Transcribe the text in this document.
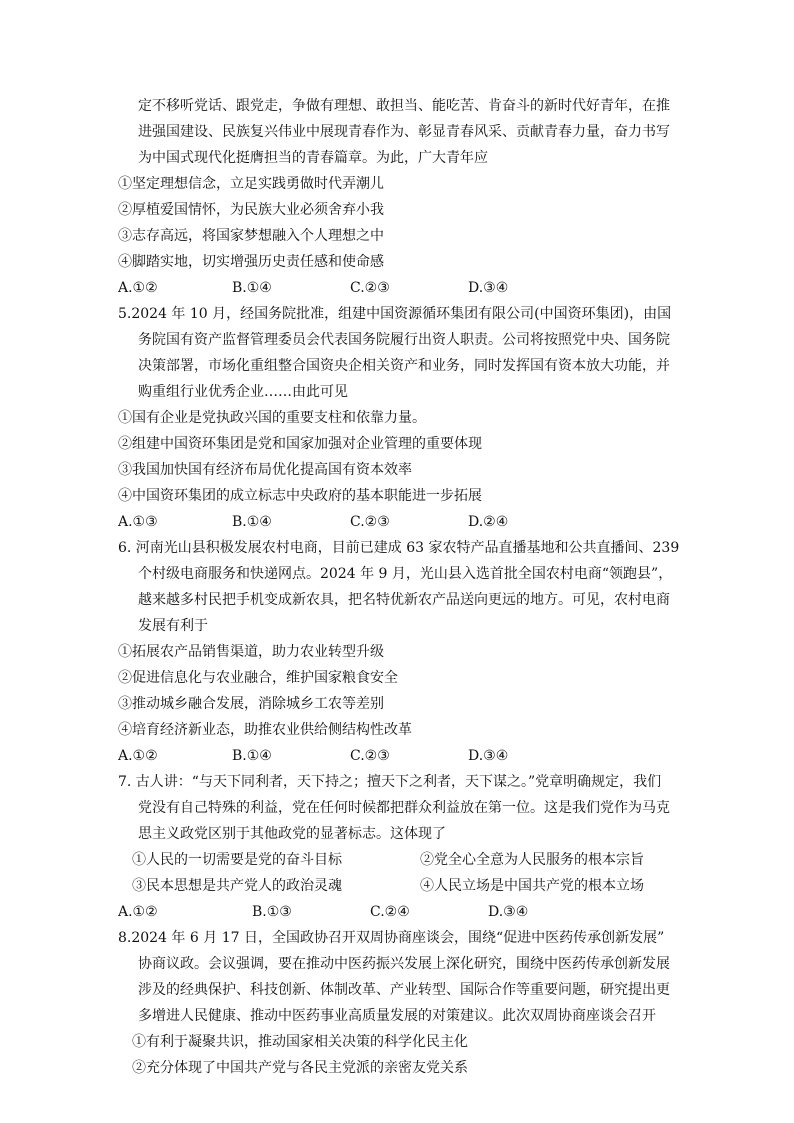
定不移听党话、跟党走，争做有理想、敢担当、能吃苦、肯奋斗的新时代好青年，在推
进强国建设、民族复兴伟业中展现青春作为、彰显青春风采、贡献青春力量，奋力书写
为中国式现代化挺膺担当的青春篇章。为此，广大青年应
①坚定理想信念，立足实践勇做时代弄潮儿
②厚植爱国情怀，为民族大业必须舍弃小我
③志存高远，将国家梦想融入个人理想之中
④脚踏实地，切实增强历史责任感和使命感
A.①②	B.①④	C.②③	D.③④
5.2024 年 10 月，经国务院批准，组建中国资源循环集团有限公司(中国资环集团)，由国
务院国有资产监督管理委员会代表国务院履行出资人职责。公司将按照党中央、国务院
决策部署，市场化重组整合国资央企相关资产和业务，同时发挥国有资本放大功能，并
购重组行业优秀企业……由此可见
①国有企业是党执政兴国的重要支柱和依靠力量。
②组建中国资环集团是党和国家加强对企业管理的重要体现
③我国加快国有经济布局优化提高国有资本效率
④中国资环集团的成立标志中央政府的基本职能进一步拓展
A.①③	B.①④	C.②③	D.②④
6. 河南光山县积极发展农村电商，目前已建成 63 家农特产品直播基地和公共直播间、239
个村级电商服务和快递网点。2024 年 9 月，光山县入选首批全国农村电商“领跑县”，
越来越多村民把手机变成新农具，把名特优新农产品送向更远的地方。可见，农村电商
发展有利于
①拓展农产品销售渠道，助力农业转型升级
②促进信息化与农业融合，维护国家粮食安全
③推动城乡融合发展，消除城乡工农等差别
④培育经济新业态，助推农业供给侧结构性改革
A.①②	B.①④	C.②③	D.③④
7. 古人讲：“与天下同利者，天下持之；擅天下之利者，天下谋之。”党章明确规定，我们
党没有自己特殊的利益，党在任何时候都把群众利益放在第一位。这是我们党作为马克
思主义政党区别于其他政党的显著标志。这体现了
①人民的一切需要是党的奋斗目标	②党全心全意为人民服务的根本宗旨
③民本思想是共产党人的政治灵魂	④人民立场是中国共产党的根本立场
A.①②	B.①③	C.②④	D.③④
8.2024 年 6 月 17 日，全国政协召开双周协商座谈会，围绕“促进中医药传承创新发展”
协商议政。会议强调，要在推动中医药振兴发展上深化研究，围绕中医药传承创新发展
涉及的经典保护、科技创新、体制改革、产业转型、国际合作等重要问题，研究提出更
多增进人民健康、推动中医药事业高质量发展的对策建议。此次双周协商座谈会召开
①有利于凝聚共识，推动国家相关决策的科学化民主化
②充分体现了中国共产党与各民主党派的亲密友党关系
